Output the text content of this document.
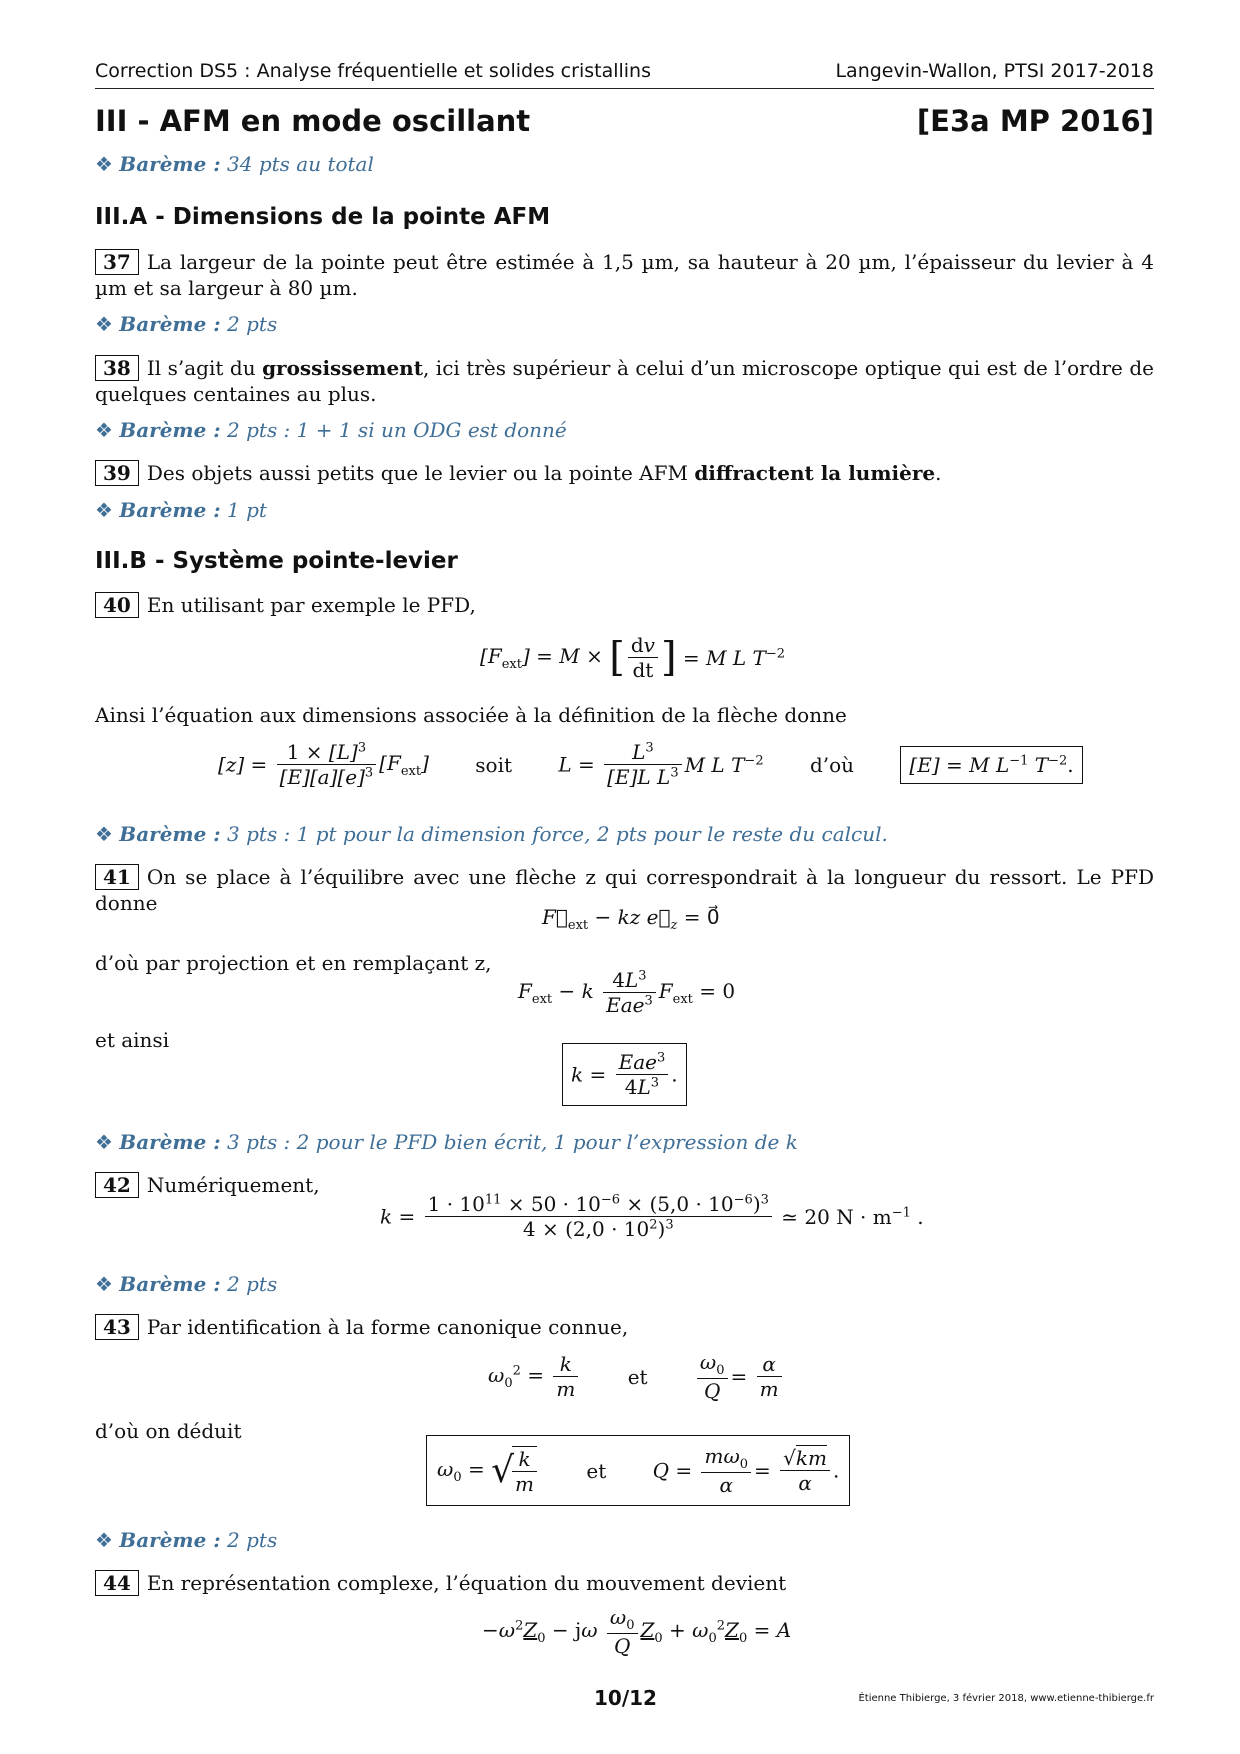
Correction DS5 : Analyse fréquentielle et solides cristallins	Langevin-Wallon, PTSI 2017-2018
III - AFM en mode oscillant	[E3a MP 2016]
❖ Barème : 34 pts au total
III.A - Dimensions de la pointe AFM
37 La largeur de la pointe peut être estimée à 1,5 µm, sa hauteur à 20 µm, l’épaisseur du levier à 4 µm et sa largeur à 80 µm.
❖ Barème : 2 pts
38 Il s’agit du grossissement, ici très supérieur à celui d’un microscope optique qui est de l’ordre de quelques centaines au plus.
❖ Barème : 2 pts : 1 + 1 si un ODG est donné
39 Des objets aussi petits que le levier ou la pointe AFM diffractent la lumière.
❖ Barème : 1 pt
III.B - Système pointe-levier
40 En utilisant par exemple le PFD,
$[F_{ext}] = M$ × [ $\frac{dv}{dt}$ ] = M L $T^{-2}$
Ainsi l’équation aux dimensions associée à la définition de la flèche donne
$[z] = \frac{1 \times [L]^3}{[E][a][e]^3} [F_{ext}]$ soit $L = \frac{L^3}{[E]L L^3}$ M L $T^{-2}$ d’où	[E] = M $L^{-1}$ $T^{-2}$.
❖ Barème : 3 pts : 1 pt pour la dimension force, 2 pts pour le reste du calcul.
41 On se place à l’équilibre avec une flèche z qui correspondrait à la longueur du ressort. Le PFD donne
$F⃗_{ext}$ − kz $e⃗_z$ = 0⃗
d’où par projection et en remplaçant z,
$F_{ext} - k \frac{4L^3}{Eae^3} F_{ext} = 0$
et ainsi
$k = \frac{Eae^3}{4L^3}$ .
❖ Barème : 3 pts : 2 pour le PFD bien écrit, 1 pour l’expression de k
42 Numériquement,
$k = \frac{1 \cdot 10^{11} \times 50 \cdot 10^{-6} \times (5,0 \cdot 10^{-6})^3}{4 \times (2,0 \cdot 10^2)^3}$ ≃ 20 $N \cdot m^{-1}$ .
❖ Barème : 2 pts
43 Par identification à la forme canonique connue,
$\omega_0^2 = \frac{k}{m}$ et $\frac{\omega_0}{Q} = \frac{\alpha}{m}$
d’où on déduit
$\omega_0$ = √
$\frac{k}{m}$ et $Q = \frac{m\omega_0}{\alpha} = \frac{√km}{\alpha}$ .
❖ Barème : 2 pts
44 En représentation complexe, l’équation du mouvement devient
$-\omega^2Z_0 - j\omega \frac{\omega_0}{Q} Z_0 + \omega_0^2Z_0 = A$
10/12	Étienne Thibierge, 3 février 2018, www.etienne-thibierge.fr
